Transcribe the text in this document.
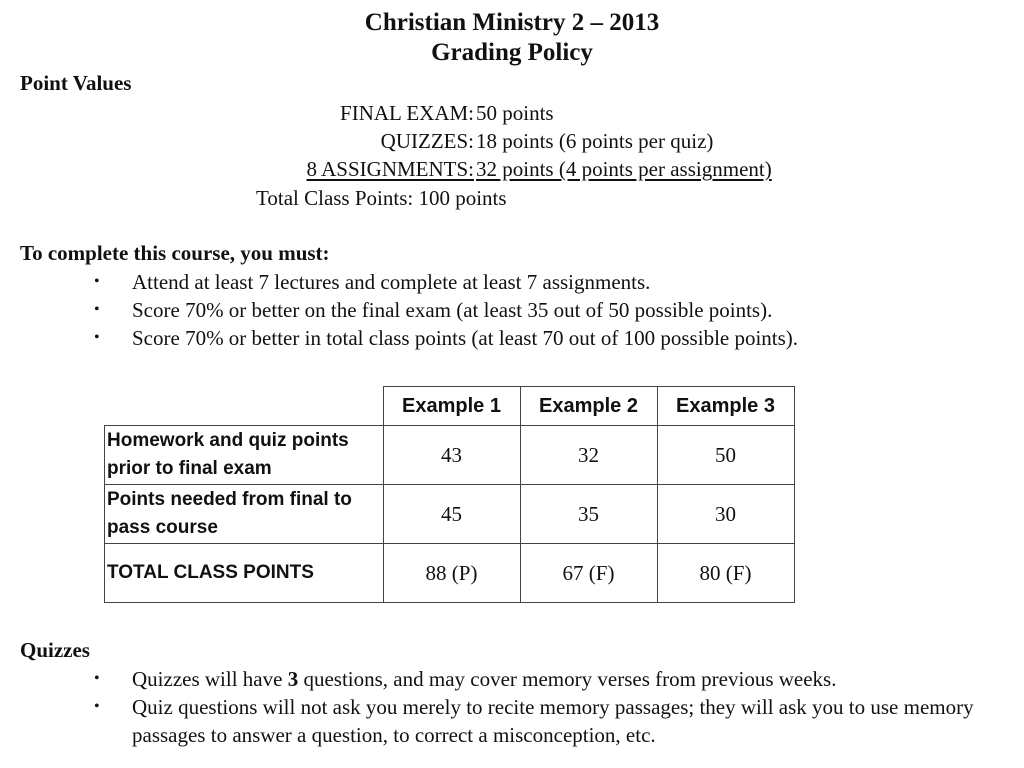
Christian Ministry 2 – 2013
Grading Policy
Point Values
FINAL EXAM: 50 points
QUIZZES: 18 points (6 points per quiz)
8 ASSIGNMENTS: 32 points (4 points per assignment)
Total Class Points: 100 points
To complete this course, you must:
• Attend at least 7 lectures and complete at least 7 assignments.
• Score 70% or better on the final exam (at least 35 out of 50 possible points).
• Score 70% or better in total class points (at least 70 out of 100 possible points).
	Example 1	Example 2	Example 3
Homework and quiz points prior to final exam	43	32	50
Points needed from final to pass course	45	35	30
TOTAL CLASS POINTS	88 (P)	67 (F)	80 (F)
Quizzes
• Quizzes will have 3 questions, and may cover memory verses from previous weeks.
• Quiz questions will not ask you merely to recite memory passages; they will ask you to use memory passages to answer a question, to correct a misconception, etc.
